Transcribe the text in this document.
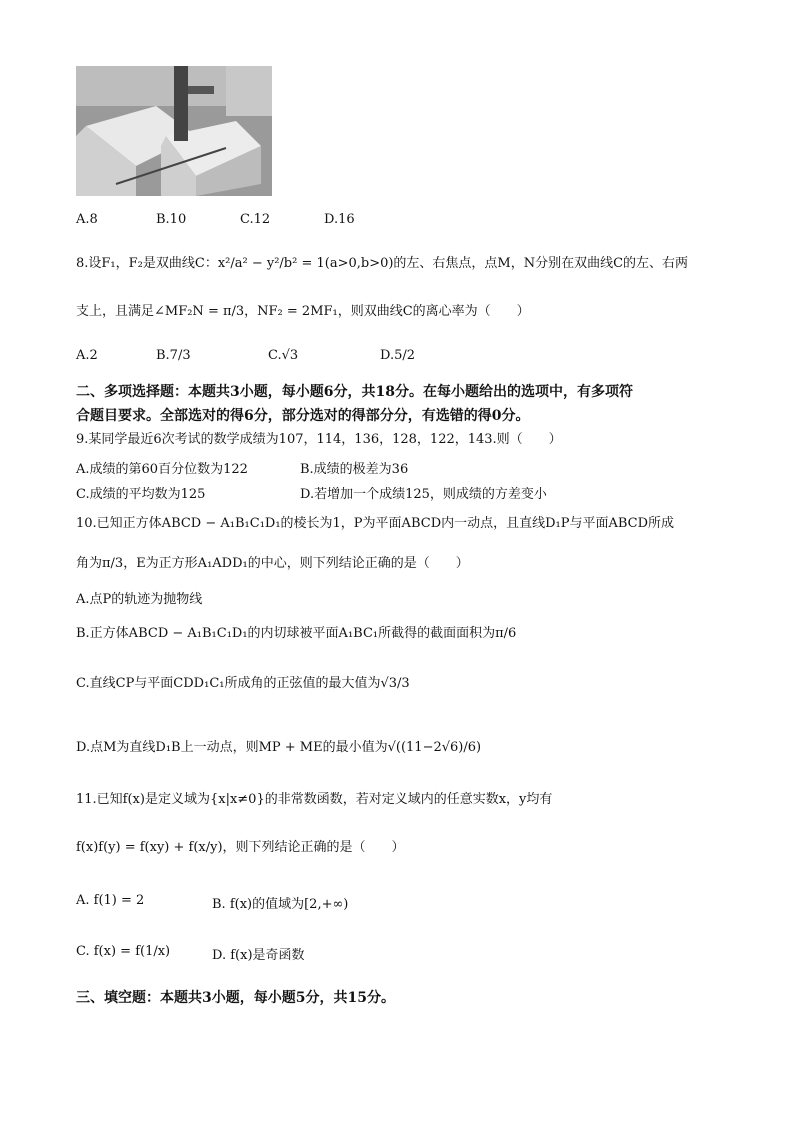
A.8	B.10	C.12	D.16
8.设F₁，F₂是双曲线C：x²/a² − y²/b² = 1(a>0,b>0)的左、右焦点，点M，N分别在双曲线C的左、右两
支上，且满足∠MF₂N = π/3，NF₂ = 2MF₁，则双曲线C的离心率为（　　）
A.2	B.7/3	C.√3	D.5/2
二、多项选择题：本题共3小题，每小题6分，共18分。在每小题给出的选项中，有多项符
合题目要求。全部选对的得6分，部分选对的得部分分，有选错的得0分。
9.某同学最近6次考试的数学成绩为107，114，136，128，122，143.则（　　）
A.成绩的第60百分位数为122	B.成绩的极差为36
C.成绩的平均数为125	D.若增加一个成绩125，则成绩的方差变小
10.已知正方体ABCD − A₁B₁C₁D₁的棱长为1，P为平面ABCD内一动点，且直线D₁P与平面ABCD所成
角为π/3，E为正方形A₁ADD₁的中心，则下列结论正确的是（　　）
A.点P的轨迹为抛物线
B.正方体ABCD − A₁B₁C₁D₁的内切球被平面A₁BC₁所截得的截面面积为π/6
C.直线CP与平面CDD₁C₁所成角的正弦值的最大值为√3/3
D.点M为直线D₁B上一动点，则MP + ME的最小值为√((11−2√6)/6)
11.已知f(x)是定义域为{x|x≠0}的非常数函数，若对定义域内的任意实数x，y均有
f(x)f(y) = f(xy) + f(x/y)，则下列结论正确的是（　　）
A. f(1) = 2	B. f(x)的值域为[2,+∞)
C. f(x) = f(1/x)	D. f(x)是奇函数
三、填空题：本题共3小题，每小题5分，共15分。
